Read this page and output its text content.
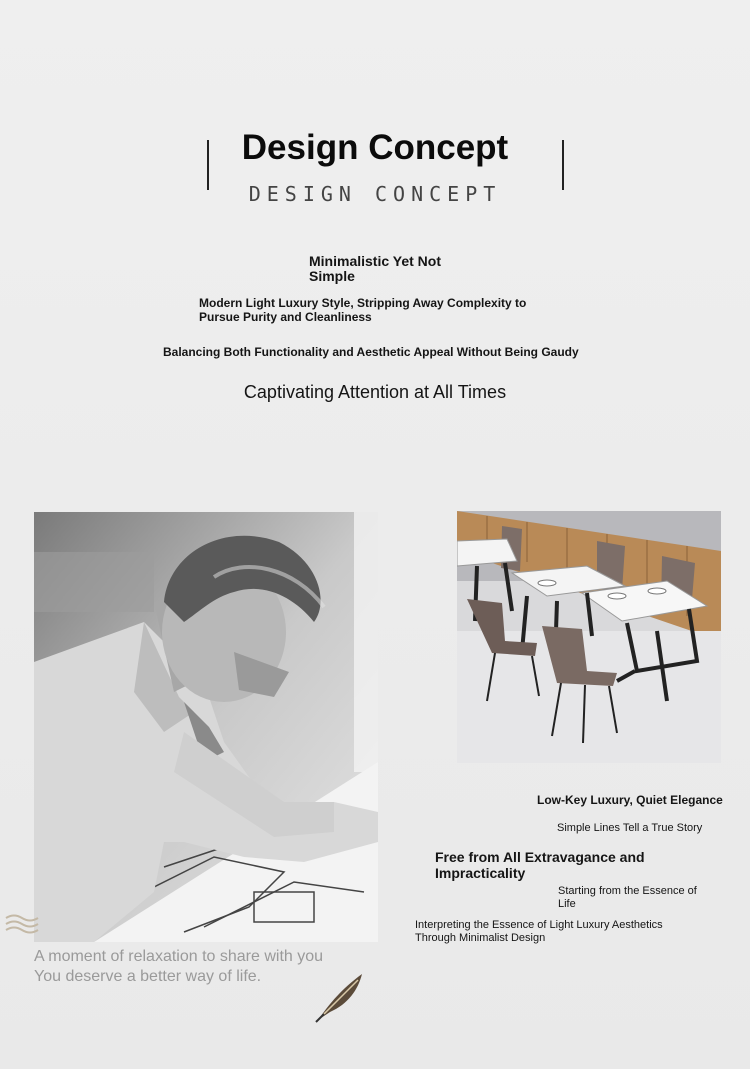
Design Concept
DESIGN CONCEPT
Minimalistic Yet Not Simple
Modern Light Luxury Style, Stripping Away Complexity to Pursue Purity and Cleanliness
Balancing Both Functionality and Aesthetic Appeal Without Being Gaudy
Captivating Attention at All Times
Low-Key Luxury, Quiet Elegance
Simple Lines Tell a True Story
Free from All Extravagance and Impracticality
Starting from the Essence of Life
Interpreting the Essence of Light Luxury Aesthetics Through Minimalist Design
A moment of relaxation to share with you
You deserve a better way of life.
